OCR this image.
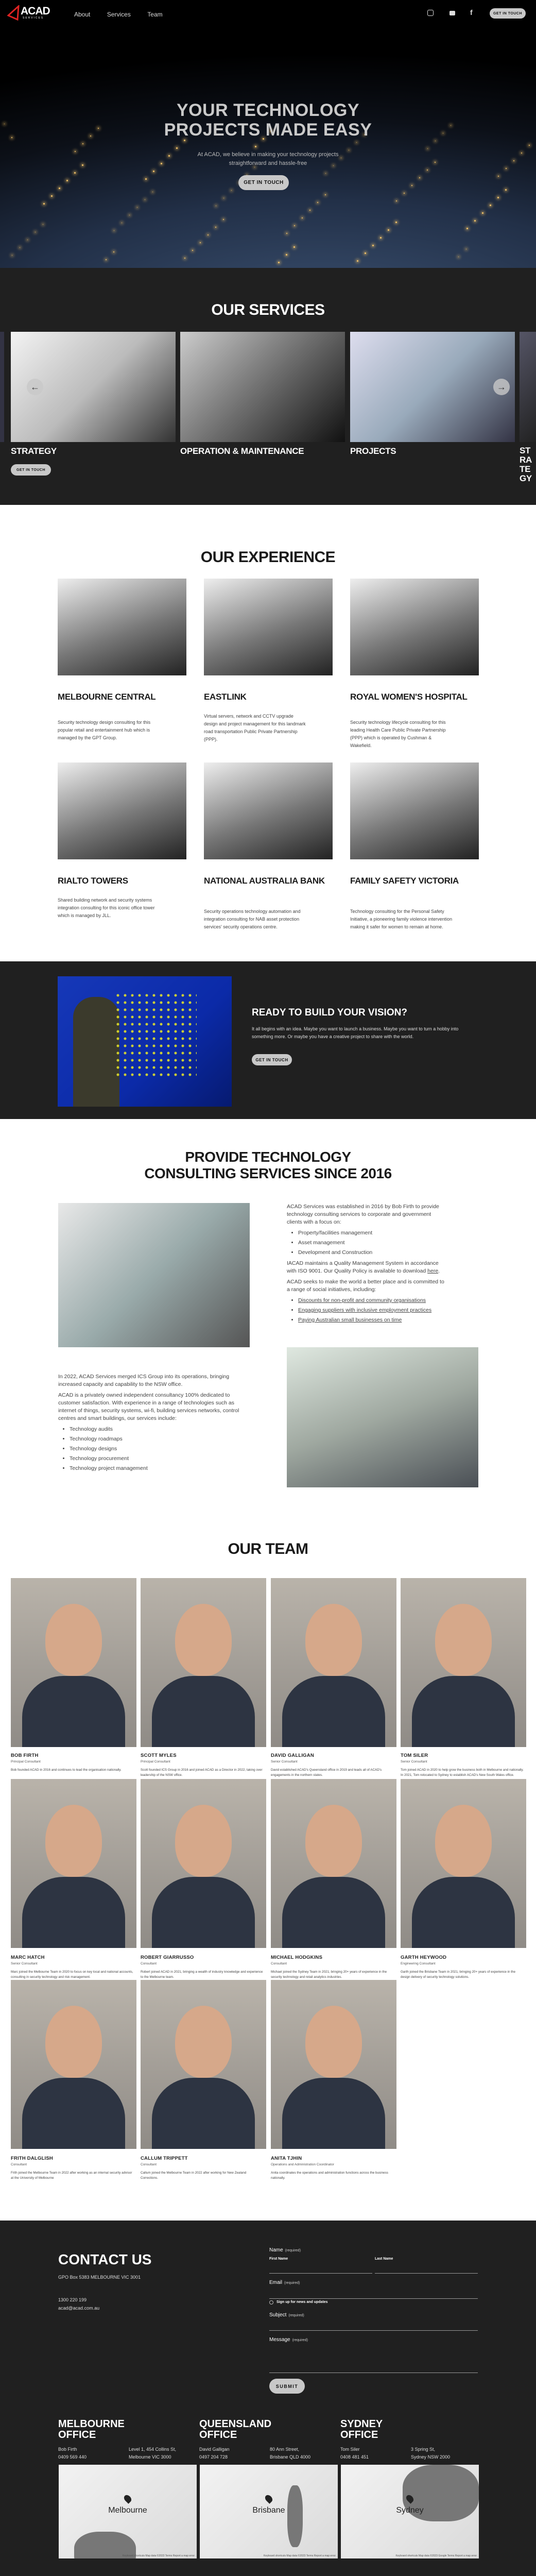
ACAD
SERVICES	About	Services	Team	f	GET IN TOUCH
YOUR TECHNOLOGY
PROJECTS MADE EASY
At ACAD, we believe in making your technology projects
straightforward and hassle-free
GET IN TOUCH
OUR SERVICES
GET IN TOUCH
OUR EXPERIENCE
READY TO BUILD YOUR VISION?
It all begins with an idea. Maybe you want to launch a business. Maybe you want to turn a hobby into something more. Or maybe you have a creative project to share with the world.
GET IN TOUCH
PROVIDE TECHNOLOGY
CONSULTING SERVICES SINCE 2016

ACAD Services was established in 2016 by Bob Firth to provide technology consulting services to corporate and government clients with a focus on:

• Property/facilities management
• Asset management
• Development and Construction

IACAD maintains a Quality Management System in accordance with ISO 9001. Our Quality Policy is available to download here.

ACAD seeks to make the world a better place and is committed to a range of social initiatives, including:

• Discounts for non-profit and community organisations
• Engaging suppliers with inclusive employment practices
• Paying Australian small businesses on time

In 2022, ACAD Services merged ICS Group into its operations, bringing increased capacity and capability to the NSW office.

ACAD is a privately owned independent consultancy 100% dedicated to customer satisfaction. With experience in a range of technologies such as internet of things, security systems, wi-fi, building services networks, control centres and smart buildings, our services include:

• Technology audits
• Technology roadmaps
• Technology designs
• Technology procurement
• Technology project management
OUR TEAM
CONTACT US
GPO Box 5383 MELBOURNE VIC 3001
1300 220 199
acad@acad.com.au
Name (required)
First Name	Last Name
Email (required)
Sign up for news and updates
Subject (required)
Message (required)
SUBMIT
STRATEGY	OPERATION & MAINTENANCE	PROJECTS	STRATEGY
←	→
MELBOURNE CENTRAL
Security technology design consulting for this popular retail and entertainment hub which is managed by the GPT Group.
EASTLINK
Virtual servers, network and CCTV upgrade design and project management for this landmark road transportation Public Private Partnership (PPP).
ROYAL WOMEN'S HOSPITAL
Security technology lifecycle consulting for this leading Health Care Public Private Partnership (PPP) which is operated by Cushman & Wakefield.
RIALTO TOWERS
Shared building network and security systems integration consulting for this iconic office tower which is managed by JLL.
NATIONAL AUSTRALIA BANK
Security operations technology automation and integration consulting for NAB asset protection services' security operations centre.
FAMILY SAFETY VICTORIA
Technology consulting for the Personal Safety Initiative, a pioneering family violence intervention making it safer for women to remain at home.
BOB FIRTH
Principal Consultant
Bob founded ACAD in 2016 and continues to lead the organisation nationally.
SCOTT MYLES
Principal Consultant
Scott founded ICS Group in 2016 and joined ACAD as a Director in 2022, taking over leadership of the NSW office.
DAVID GALLIGAN
Senior Consultant
David established ACAD's Queensland office in 2019 and leads all of ACAD's engagements in the northern states.
TOM SILER
Senior Consultant
Tom joined ACAD in 2020 to help grow the business both in Melbourne and nationally. In 2021, Tom relocated to Sydney to establish ACAD's New South Wales office.
MARC HATCH
Senior Consultant
Marc joined the Melbourne Team in 2020 to focus on key local and national accounts, consulting in security technology and risk management.
ROBERT GIARRUSSO
Consultant
Robert joined ACAD in 2021, bringing a wealth of industry knowledge and experience to the Melbourne team.
MICHAEL HODGKINS
Consultant
Michael joined the Sydney Team in 2021, bringing 20+ years of experience in the security technology and retail analytics industries.
GARTH HEYWOOD
Engineering Consultant
Garth joined the Brisbane Team in 2021, bringing 20+ years of experience in the design delivery of security technology solutions.
FRITH DALGLISH
Consultant
Frith joined the Melbourne Team in 2022 after working as an internal security advisor at the University of Melbourne
CALLUM TRIPPETT
Consultant
Callum joined the Melbourne Team in 2022 after working for New Zealand Corrections.
ANITA TJHIN
Operations and Administration Coordinator
Anita coordinates the operations and administration functions across the business nationally.
MELBOURNE
OFFICE
Bob Firth
0409 569 440
Level 1, 454 Collins St,
Melbourne VIC 3000
Melbourne
Keyboard shortcuts Map data ©2023 Terms Report a map error
QUEENSLAND
OFFICE
David Galligan
0497 204 728
80 Ann Street,
Brisbane QLD 4000
Brisbane
Keyboard shortcuts Map data ©2023 Terms Report a map error
SYDNEY
OFFICE
Tom Siler
0408 481 451
3 Spring St,
Sydney NSW 2000
Sydney
Keyboard shortcuts Map data ©2023 Google Terms Report a map error
